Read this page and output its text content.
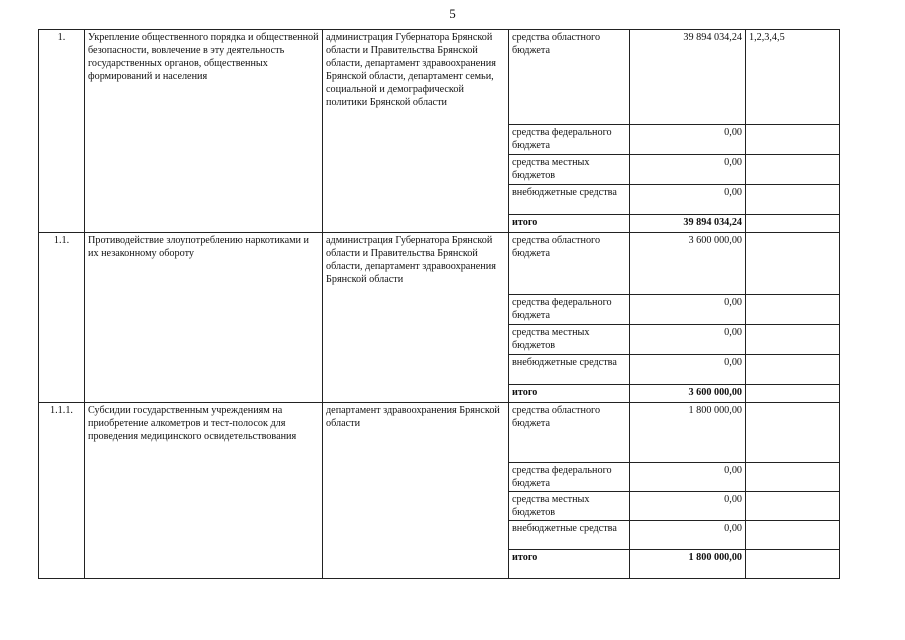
5
1.	Укрепление общественного порядка и общественной безопасности, вовлечение в эту деятельность государственных органов, общественных формирований и населения	администрация Губернатора Брянской области и Правительства Брянской области, департамент здравоохранения Брянской области, департамент семьи, социальной и демографической политики Брянской области	средства областного бюджета	39 894 034,24	1,2,3,4,5
			средства федерального бюджета	0,00	
			средства местных бюджетов	0,00	
			внебюджетные средства	0,00	
			итого	39 894 034,24	
1.1.	Противодействие злоупотреблению наркотиками и их незаконному обороту	администрация Губернатора Брянской области и Правительства Брянской области, департамент здравоохранения Брянской области	средства областного бюджета	3 600 000,00	
			средства федерального бюджета	0,00	
			средства местных бюджетов	0,00	
			внебюджетные средства	0,00	
			итого	3 600 000,00	
1.1.1.	Субсидии государственным учреждениям на приобретение алкометров и тест-полосок для проведения медицинского освидетельствования	департамент здравоохранения Брянской области	средства областного бюджета	1 800 000,00	
			средства федерального бюджета	0,00	
			средства местных бюджетов	0,00	
			внебюджетные средства	0,00	
			итого	1 800 000,00	
